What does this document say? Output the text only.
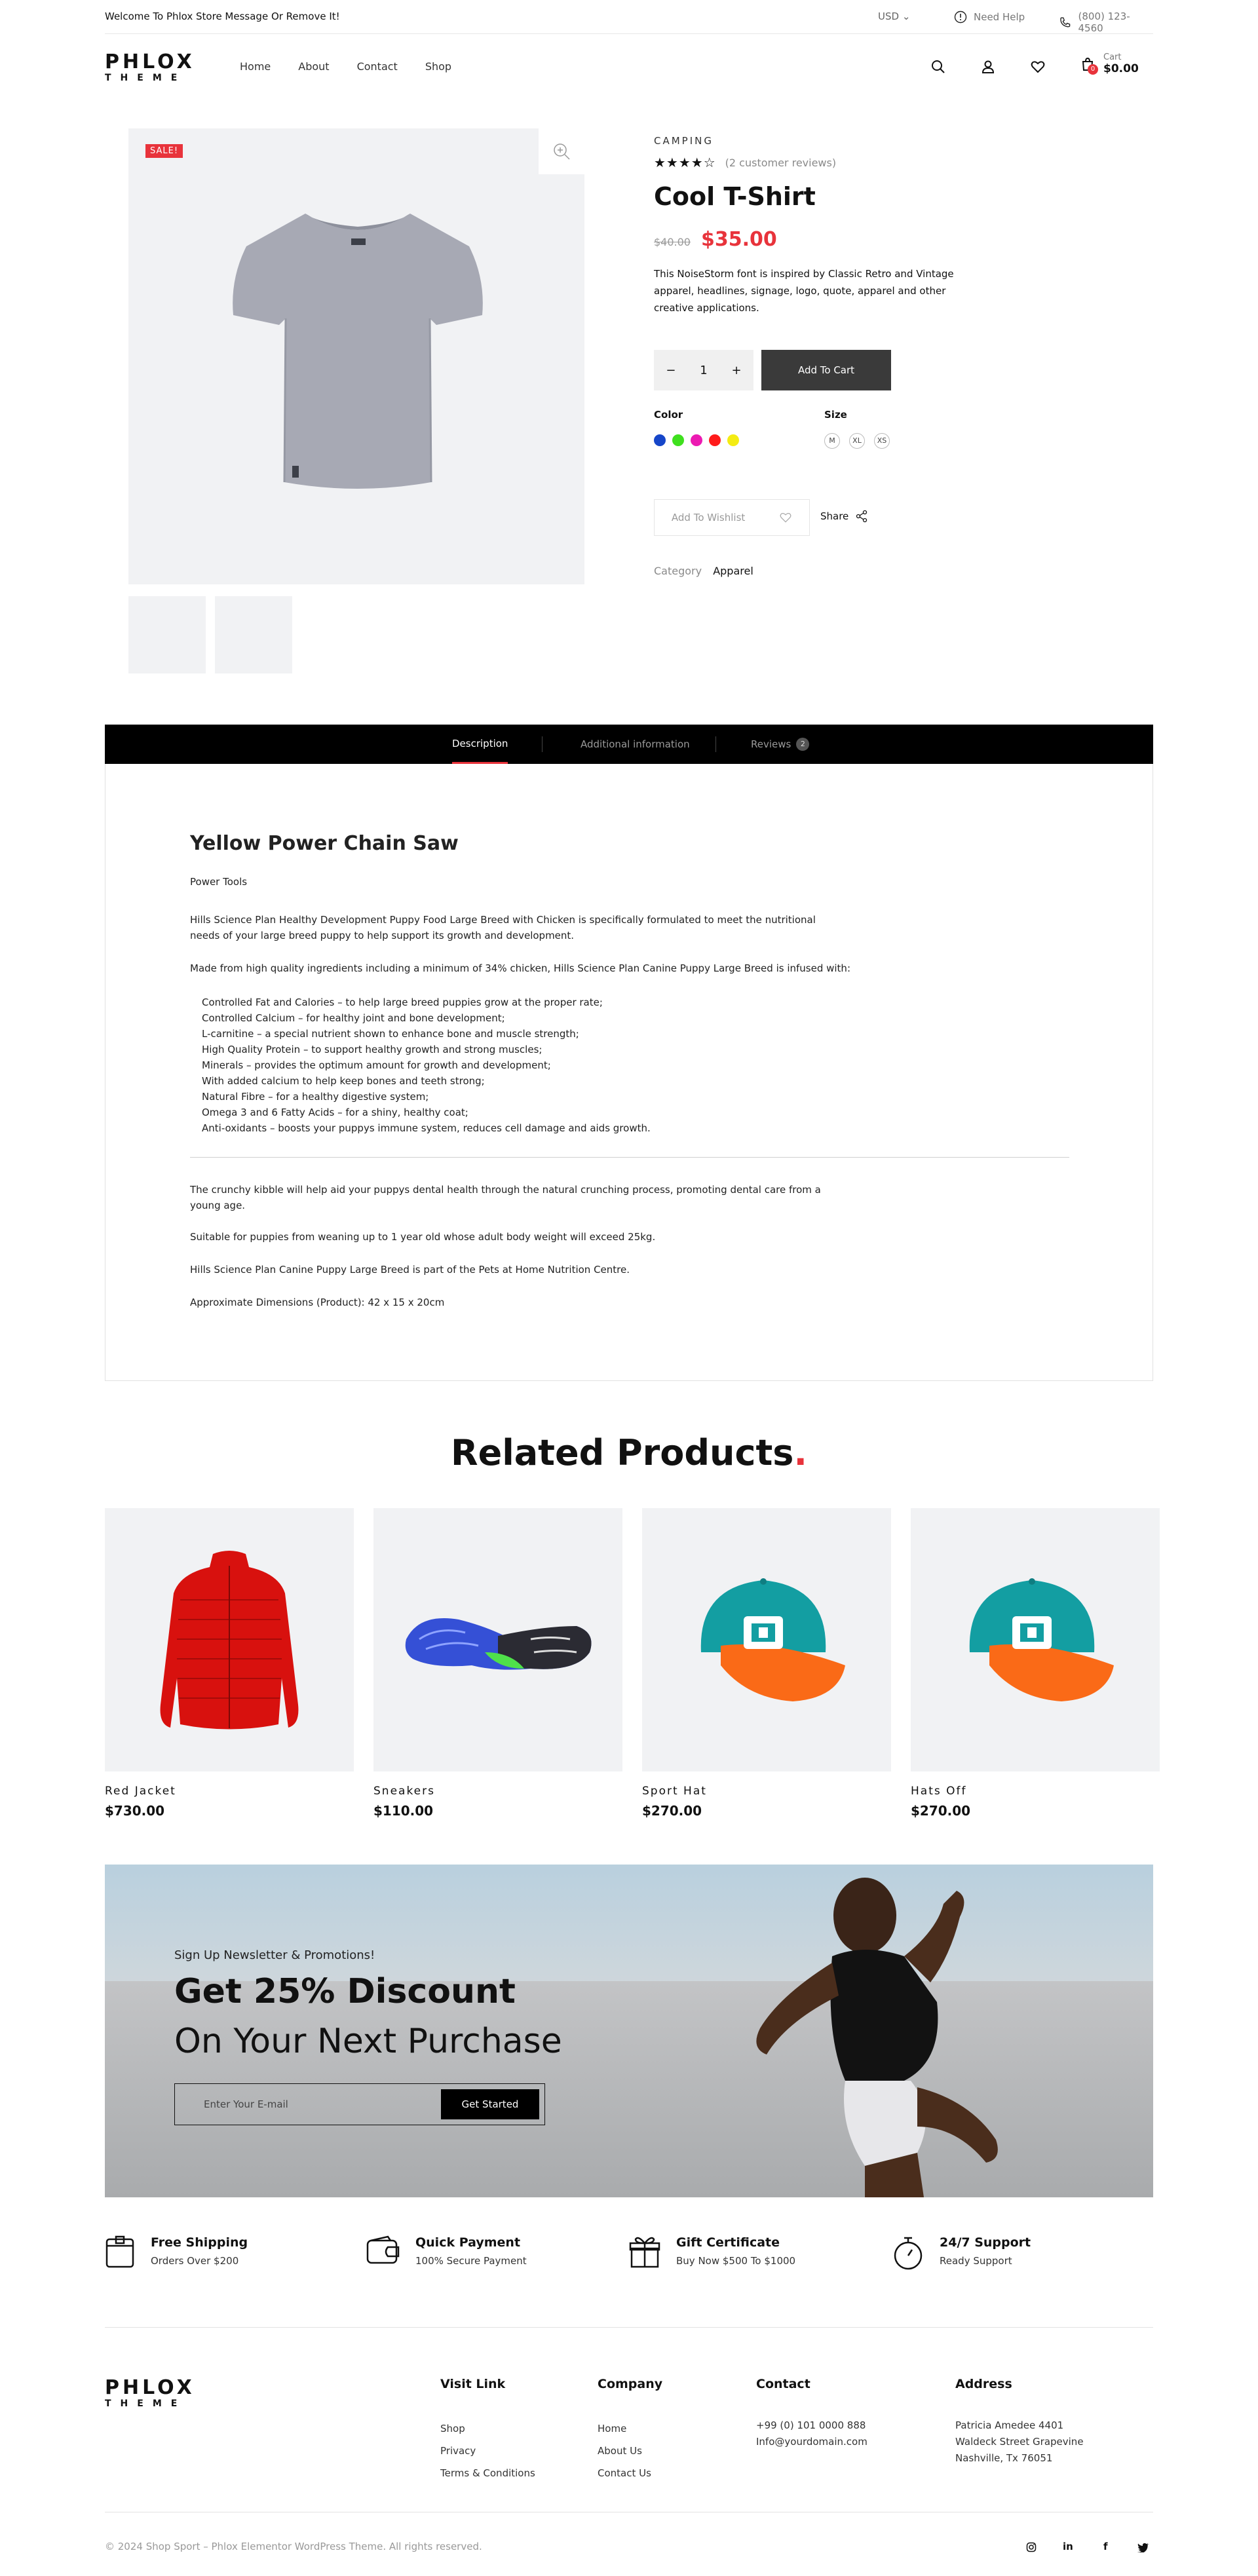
Welcome To Phlox Store Message Or Remove It!	USD ⌄	Need Help	(800) 123-4560
PHLOX
THEME
Home	About	Contact	Shop	0
Cart
$0.00
SALE!
CAMPING
★★★★☆ (2 customer reviews)
Cool T-Shirt
$40.00 $35.00
This NoiseStorm font is inspired by Classic Retro and Vintage apparel, headlines, signage, logo, quote, apparel and other creative applications.
− 1 +	Add To Cart
Color	Size
M	XL	XS
Add To Wishlist	Share
Category Apparel
Description	Additional information	Reviews	2
Yellow Power Chain Saw
Power Tools
Hills Science Plan Healthy Development Puppy Food Large Breed with Chicken is specifically formulated to meet the nutritional needs of your large breed puppy to help support its growth and development.
Made from high quality ingredients including a minimum of 34% chicken, Hills Science Plan Canine Puppy Large Breed is infused with:
Controlled Fat and Calories – to help large breed puppies grow at the proper rate;
Controlled Calcium – for healthy joint and bone development;
L-carnitine – a special nutrient shown to enhance bone and muscle strength;
High Quality Protein – to support healthy growth and strong muscles;
Minerals – provides the optimum amount for growth and development;
With added calcium to help keep bones and teeth strong;
Natural Fibre – for a healthy digestive system;
Omega 3 and 6 Fatty Acids – for a shiny, healthy coat;
Anti-oxidants – boosts your puppys immune system, reduces cell damage and aids growth.
The crunchy kibble will help aid your puppys dental health through the natural crunching process, promoting dental care from a young age.
Suitable for puppies from weaning up to 1 year old whose adult body weight will exceed 25kg.
Hills Science Plan Canine Puppy Large Breed is part of the Pets at Home Nutrition Centre.
Approximate Dimensions (Product): 42 x 15 x 20cm
Related Products.
Red Jacket
$730.00
Sneakers
$110.00
Sport Hat
$270.00
Hats Off
$270.00
Sign Up Newsletter & Promotions!
Get 25% Discount
On Your Next Purchase
Enter Your E-mail	Get Started
Free Shipping
Orders Over $200
Quick Payment
100% Secure Payment
Gift Certificate
Buy Now $500 To $1000
24/7 Support
Ready Support
PHLOX
THEME
Visit Link
Shop
Privacy
Terms & Conditions
Company
Home
About Us
Contact Us
Contact
+99 (0) 101 0000 888
Info@yourdomain.com
Address
Patricia Amedee 4401
Waldeck Street Grapevine
Nashville, Tx 76051
© 2024 Shop Sport – Phlox Elementor WordPress Theme. All rights reserved.	in	f
